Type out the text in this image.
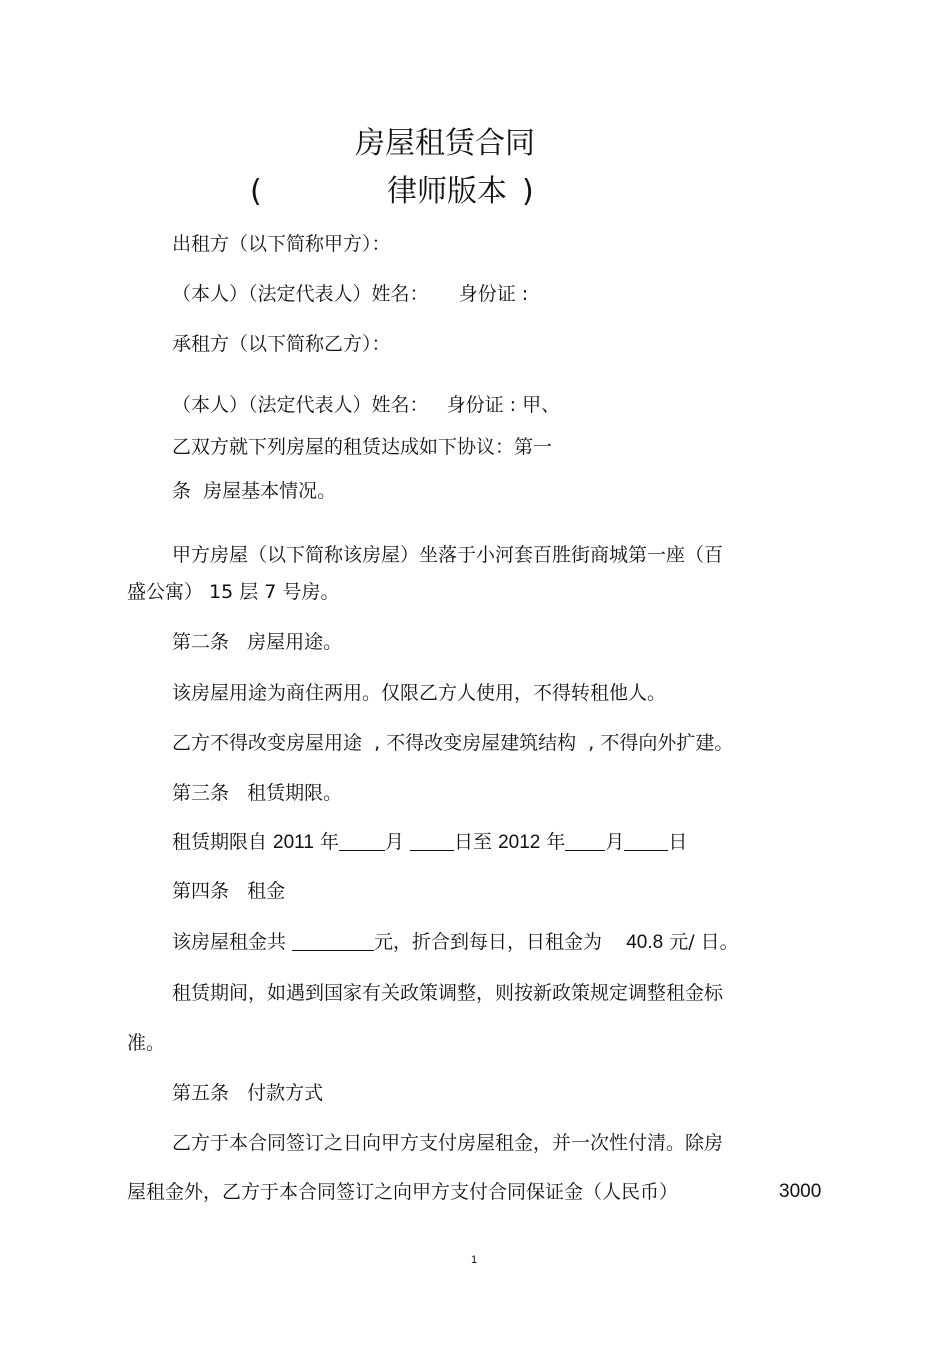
房屋租赁合同
(	律师版本 )
出租方（以下简称甲方）：
（本人）（法定代表人）姓名：     身份证 :
承租方（以下简称乙方）：
（本人）（法定代表人）姓名：   身份证 : 甲、
乙双方就下列房屋的租赁达成如下协议：第一
条  房屋基本情况。
甲方房屋（以下简称该房屋）坐落于小河套百胜街商城第一座（百
盛公寓） 15 层 7 号房。
第二条   房屋用途。
该房屋用途为商住两用。仅限乙方人使用，不得转租他人。
乙方不得改变房屋用途  , 不得改变房屋建筑结构  , 不得向外扩建。
第三条   租赁期限。
租赁期限自 2011 年 月	日至 2012 年 月 日
第四条   租金
该房屋租金共	元，折合到每日，日租金为    40.8 元/ 日。
租赁期间，如遇到国家有关政策调整，则按新政策规定调整租金标
准。
第五条   付款方式
乙方于本合同签订之日向甲方支付房屋租金，并一次性付清。除房
屋租金外，乙方于本合同签订之向甲方支付合同保证金（人民币）	3000
1
